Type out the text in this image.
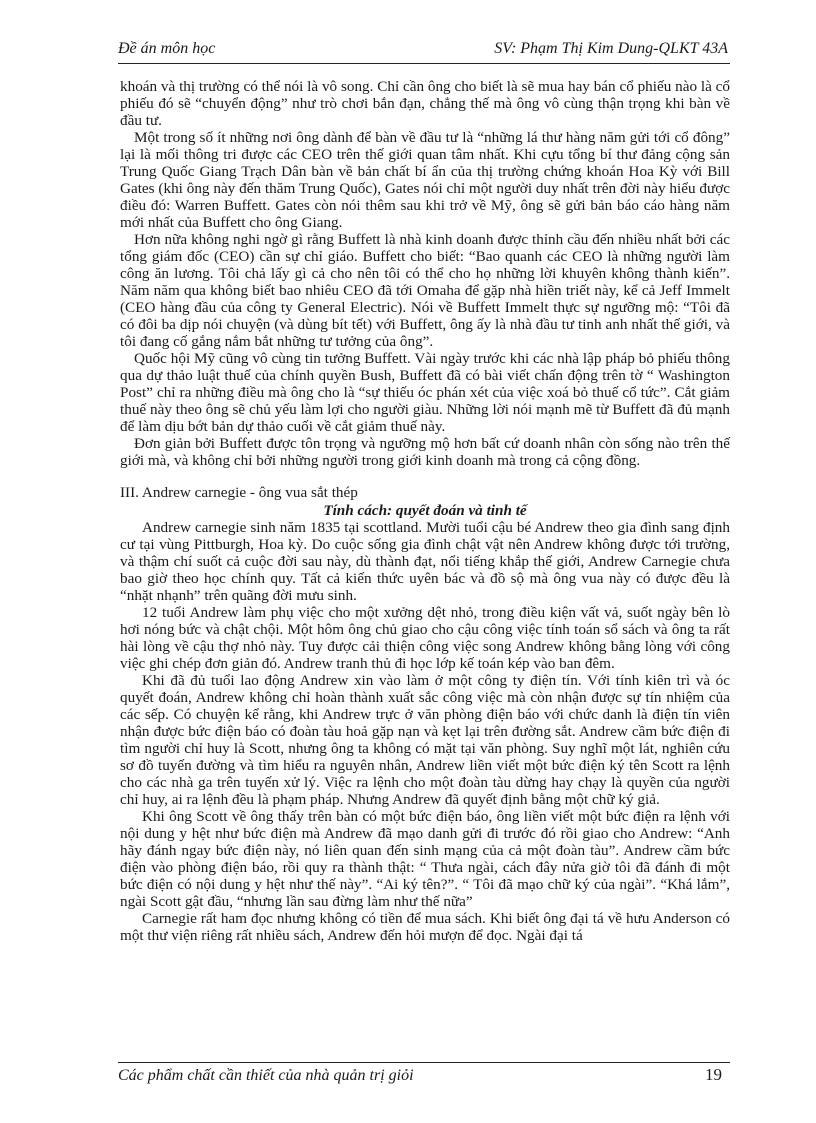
Đề án môn học	SV: Phạm Thị Kim Dung-QLKT 43A

khoán và thị trường có thể nói là vô song. Chỉ cần ông cho biết là sẽ mua hay bán cổ phiếu nào là cổ phiếu đó sẽ “chuyển động” như trò chơi bắn đạn, chẳng thế mà ông vô cùng thận trọng khi bàn về đầu tư.

Một trong số ít những nơi ông dành để bàn về đầu tư là “những lá thư hàng năm gửi tới cổ đông” lại là mối thông tri được các CEO trên thế giới quan tâm nhất. Khi cựu tổng bí thư đảng cộng sản Trung Quốc Giang Trạch Dân bàn về bản chất bí ẩn của thị trường chứng khoán Hoa Kỳ với Bill Gates (khi ông này đến thăm Trung Quốc), Gates nói chỉ một người duy nhất trên đời này hiểu được điều đó: Warren Buffett. Gates còn nói thêm sau khi trở về Mỹ, ông sẽ gửi bản báo cáo hàng năm mới nhất của Buffett cho ông Giang.

Hơn nữa không nghi ngờ gì rằng Buffett là nhà kinh doanh được thỉnh cầu đến nhiều nhất bởi các tổng giám đốc (CEO) cần sự chỉ giáo. Buffett cho biết: “Bao quanh các CEO là những người làm công ăn lương. Tôi chả lấy gì cả cho nên tôi có thể cho họ những lời khuyên không thành kiến”. Năm năm qua không biết bao nhiêu CEO đã tới Omaha để gặp nhà hiền triết này, kể cả Jeff Immelt (CEO hàng đầu của công ty General Electric). Nói về Buffett Immelt thực sự ngưỡng mộ: “Tôi đã có đôi ba dịp nói chuyện (và dùng bít tết) với Buffett, ông ấy là nhà đầu tư tinh anh nhất thế giới, và tôi đang cố gắng nắm bắt những tư tưởng của ông”.

Quốc hội Mỹ cũng vô cùng tin tưởng Buffett. Vài ngày trước khi các nhà lập pháp bỏ phiếu thông qua dự thảo luật thuế của chính quyền Bush, Buffett đã có bài viết chấn động trên tờ “ Washington Post” chỉ ra những điều mà ông cho là “sự thiếu óc phán xét của việc xoá bỏ thuế cổ tức”. Cắt giảm thuế này theo ông sẽ chủ yếu làm lợi cho người giàu. Những lời nói mạnh mẽ từ Buffett đã đủ mạnh để làm dịu bớt bản dự thảo cuối về cắt giảm thuế này.

Đơn giản bởi Buffett được tôn trọng và ngưỡng mộ hơn bất cứ doanh nhân còn sống nào trên thế giới mà, và không chỉ bởi những người trong giới kinh doanh mà trong cả cộng đồng.

III. Andrew carnegie - ông vua sắt thép

Tính cách: quyết đoán và tinh tế

Andrew carnegie sinh năm 1835 tại scottland. Mười tuổi cậu bé Andrew theo gia đình sang định cư tại vùng Pittburgh, Hoa kỳ. Do cuộc sống gia đình chật vật nên Andrew không được tới trường, và thậm chí suốt cả cuộc đời sau này, dù thành đạt, nổi tiếng khắp thế giới, Andrew Carnegie chưa bao giờ theo học chính quy. Tất cả kiến thức uyên bác và đồ sộ mà ông vua này có được đều là “nhặt nhạnh” trên quãng đời mưu sinh.

12 tuổi Andrew làm phụ việc cho một xưởng dệt nhỏ, trong điều kiện vất vả, suốt ngày bên lò hơi nóng bức và chật chội. Một hôm ông chủ giao cho cậu công việc tính toán sổ sách và ông ta rất hài lòng về cậu thợ nhỏ này. Tuy được cải thiện công việc song Andrew không bằng lòng với công việc ghi chép đơn giản đó. Andrew tranh thủ đi học lớp kế toán kép vào ban đêm.

Khi đã đủ tuổi lao động Andrew xin vào làm ở một công ty điện tín. Với tính kiên trì và óc quyết đoán, Andrew không chỉ hoàn thành xuất sắc công việc mà còn nhận được sự tín nhiệm của các sếp. Có chuyện kể rằng, khi Andrew trực ở văn phòng điện báo với chức danh là điện tín viên nhận được bức điện báo có đoàn tàu hoả gặp nạn và kẹt lại trên đường sắt. Andrew cầm bức điện đi tìm người chỉ huy là Scott, nhưng ông ta không có mặt tại văn phòng. Suy nghĩ một lát, nghiên cứu sơ đồ tuyến đường và tìm hiểu ra nguyên nhân, Andrew liền viết một bức điện ký tên Scott ra lệnh cho các nhà ga trên tuyến xử lý. Việc ra lệnh cho một đoàn tàu dừng hay chạy là quyền của người chỉ huy, ai ra lệnh đều là phạm pháp. Nhưng Andrew đã quyết định bằng một chữ ký giả.

Khi ông Scott về ông thấy trên bàn có một bức điện báo, ông liền viết một bức điện ra lệnh với nội dung y hệt như bức điện mà Andrew đã mạo danh gửi đi trước đó rồi giao cho Andrew: “Anh hãy đánh ngay bức điện này, nó liên quan đến sinh mạng của cả một đoàn tàu”. Andrew cầm bức điện vào phòng điện báo, rồi quy ra thành thật: “ Thưa ngài, cách đây nửa giờ tôi đã đánh đi một bức điện có nội dung y hệt như thế này”. “Ai ký tên?”. “ Tôi đã mạo chữ ký của ngài”. “Khá lắm”, ngài Scott gật đầu, “nhưng lần sau đừng làm như thế nữa”

Carnegie rất ham đọc nhưng không có tiền để mua sách. Khi biết ông đại tá về hưu Anderson có một thư viện riêng rất nhiều sách, Andrew đến hỏi mượn để đọc. Ngài đại tá

Các phẩm chất cần thiết của nhà quản trị giỏi	19
